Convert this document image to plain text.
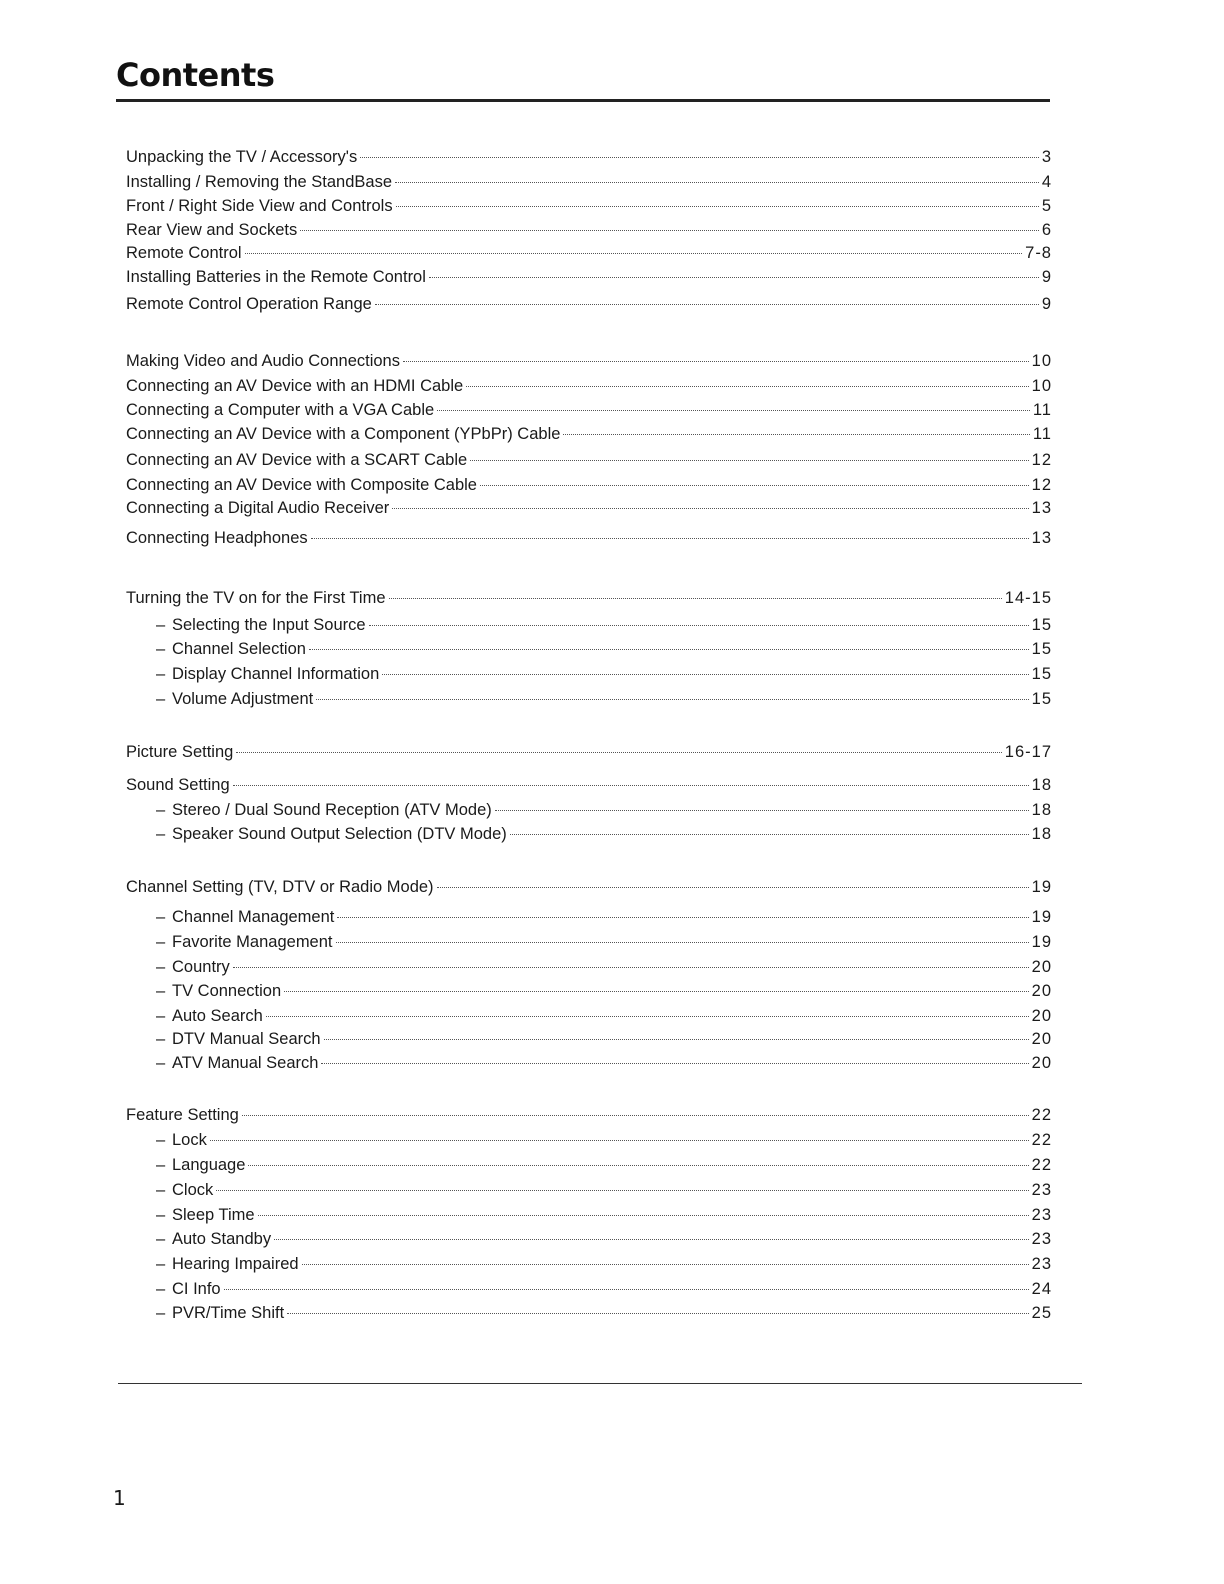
Contents
Unpacking the TV / Accessory's	3
Installing / Removing the StandBase	4
Front / Right Side View and Controls	5
Rear View and Sockets	6
Remote Control	7-8
Installing Batteries in the Remote Control	9
Remote Control Operation Range	9
Making Video and Audio Connections	10
Connecting an AV Device with an HDMI Cable	10
Connecting a Computer with a VGA Cable	11
Connecting an AV Device with a Component (YPbPr) Cable	11
Connecting an AV Device with a SCART Cable	12
Connecting an AV Device with Composite Cable	12
Connecting a Digital Audio Receiver	13
Connecting Headphones	13
Turning the TV on for the First Time	14-15
– Selecting the Input Source	15
– Channel Selection	15
– Display Channel Information	15
– Volume Adjustment	15
Picture Setting	16-17
Sound Setting	18
– Stereo / Dual Sound Reception (ATV Mode)	18
– Speaker Sound Output Selection (DTV Mode)	18
Channel Setting (TV, DTV or Radio Mode)	19
– Channel Management	19
– Favorite Management	19
– Country	20
– TV Connection	20
– Auto Search	20
– DTV Manual Search	20
– ATV Manual Search	20
Feature Setting	22
– Lock	22
– Language	22
– Clock	23
– Sleep Time	23
– Auto Standby	23
– Hearing Impaired	23
– CI Info	24
– PVR/Time Shift	25
1
